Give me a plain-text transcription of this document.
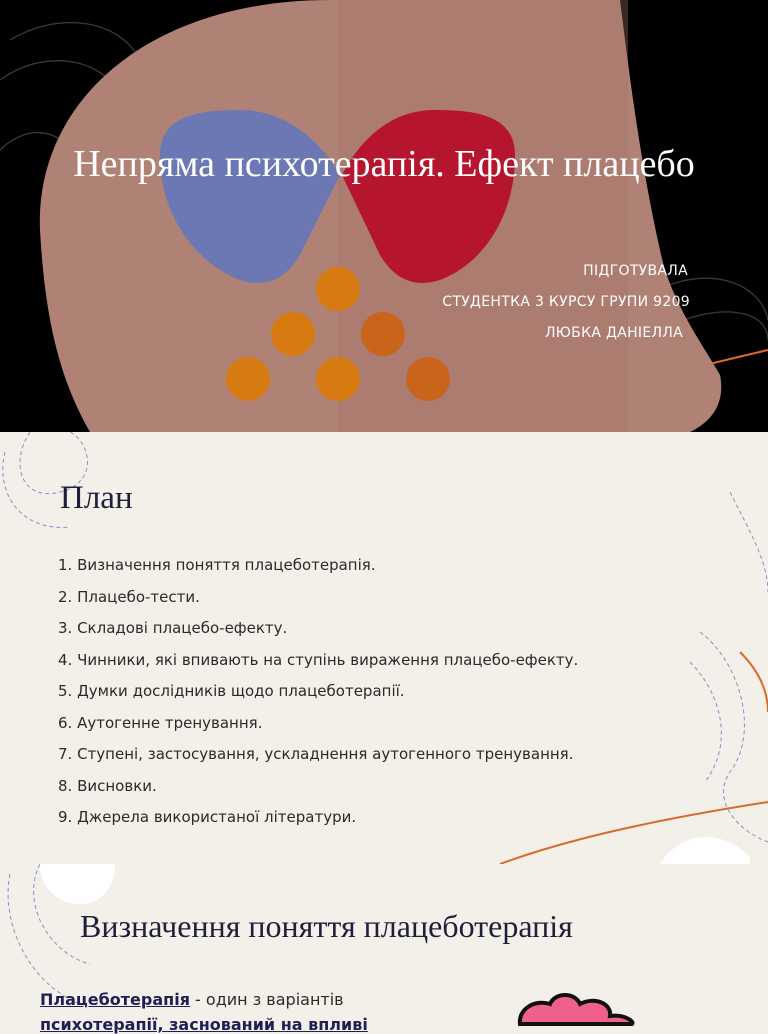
Непряма психотерапія. Ефект плацебо
ПІДГОТУВАЛА
СТУДЕНТКА 3 КУРСУ ГРУПИ 9209
ЛЮБКА ДАНІЕЛЛА
План
1. Визначення поняття плацеботерапія.
2. Плацебо-тести.
3. Складові плацебо-ефекту.
4. Чинники, які впивають на ступінь вираження плацебо-ефекту.
5. Думки дослідників щодо плацеботерапії.
6. Аутогенне тренування.
7. Ступені, застосування, ускладнення аутогенного тренування.
8. Висновки.
9. Джерела використаної літератури.
Визначення поняття плацеботерапія
Плацеботерапія - один з варіантів
психотерапії, заснований на впливі
